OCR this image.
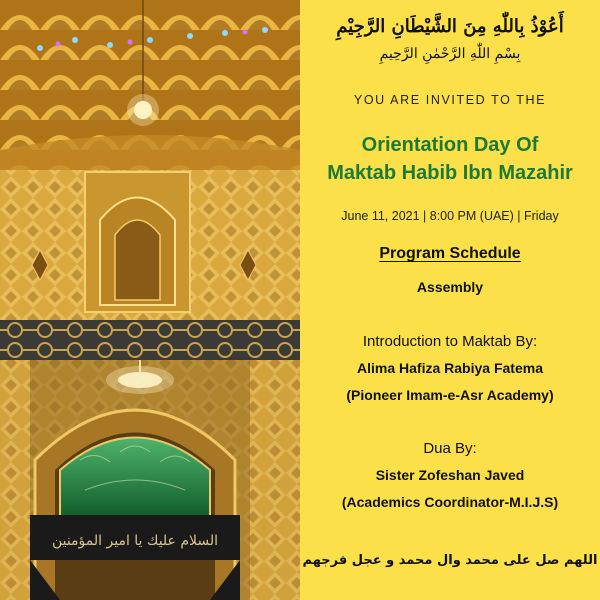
السلام عليك يا امير المؤمنين
أَعُوْذُ بِاللّٰهِ مِنَ الشَّيْطَانِ الرَّجِيْمِ
بِسْمِ اللّٰهِ الرَّحْمٰنِ الرَّحِيمِ
YOU ARE INVITED TO THE
Orientation Day Of
Maktab Habib Ibn Mazahir
June 11, 2021 | 8:00 PM (UAE) | Friday
Program Schedule
Assembly
Introduction to Maktab By:
Alima Hafiza Rabiya Fatema
(Pioneer Imam-e-Asr Academy)
Dua By:
Sister Zofeshan Javed
(Academics Coordinator-M.I.J.S)
اللهم صل على محمد وال محمد و عجل فرجهم
